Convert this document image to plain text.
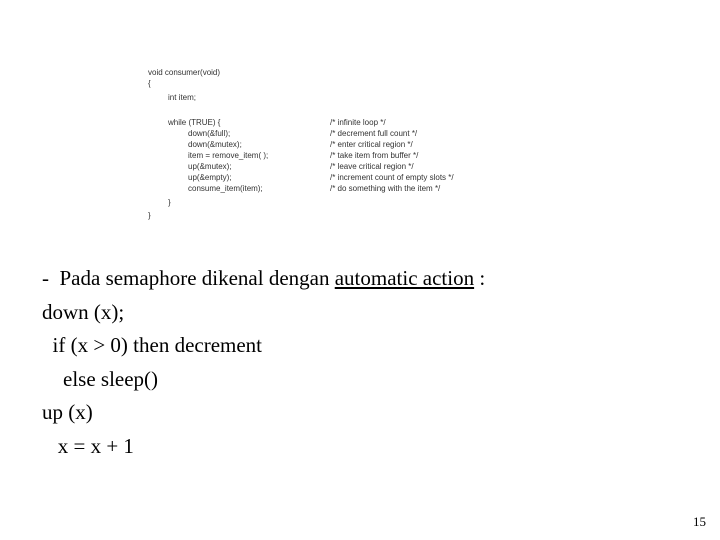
void consumer(void)
{
int item;
while (TRUE) {
down(&full);
down(&mutex);
item = remove_item( );
up(&mutex);
up(&empty);
consume_item(item);
}
}
/* infinite loop */
/* decrement full count */
/* enter critical region */
/* take item from buffer */
/* leave critical region */
/* increment count of empty slots */
/* do something with the item */
-  Pada semaphore dikenal dengan automatic action :
down (x);
if (x > 0) then decrement
else sleep()
up (x)
x = x + 1
15
